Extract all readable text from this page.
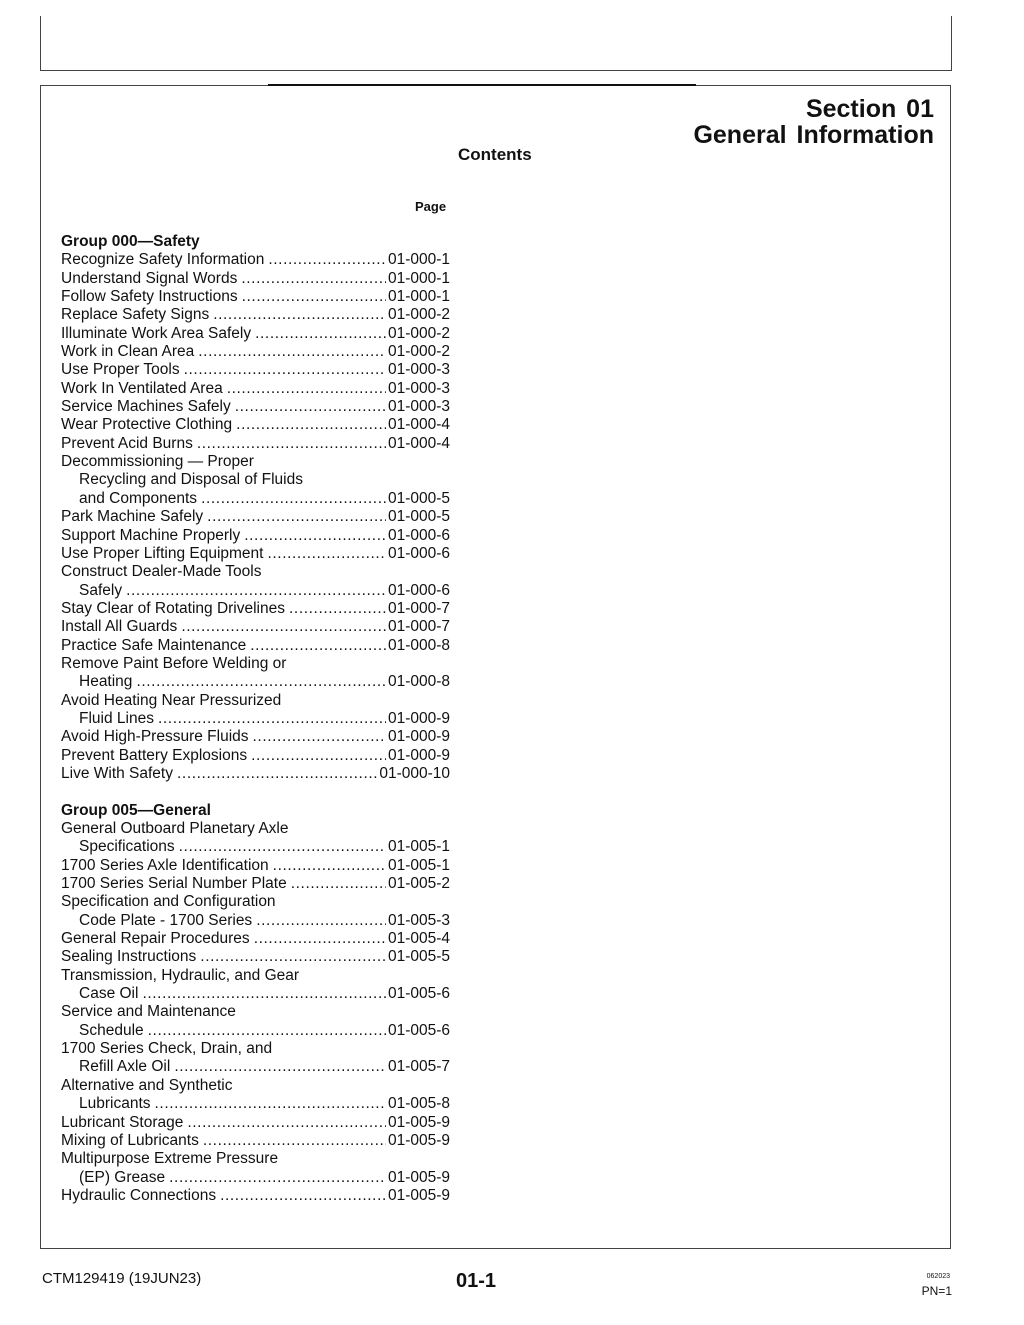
Section 01
General Information
Contents
Page
Group 000—Safety
Recognize Safety Information .....	01-000-1
Understand Signal Words .....	01-000-1
Follow Safety Instructions .....	01-000-1
Replace Safety Signs .....	01-000-2
Illuminate Work Area Safely .....	01-000-2
Work in Clean Area .....	01-000-2
Use Proper Tools .....	01-000-3
Work In Ventilated Area .....	01-000-3
Service Machines Safely .....	01-000-3
Wear Protective Clothing .....	01-000-4
Prevent Acid Burns .....	01-000-4
Decommissioning — Proper
Recycling and Disposal of Fluids
and Components .....	01-000-5
Park Machine Safely .....	01-000-5
Support Machine Properly .....	01-000-6
Use Proper Lifting Equipment .....	01-000-6
Construct Dealer-Made Tools
Safely .....	01-000-6
Stay Clear of Rotating Drivelines .....	01-000-7
Install All Guards .....	01-000-7
Practice Safe Maintenance .....	01-000-8
Remove Paint Before Welding or
Heating .....	01-000-8
Avoid Heating Near Pressurized
Fluid Lines .....	01-000-9
Avoid High-Pressure Fluids .....	01-000-9
Prevent Battery Explosions .....	01-000-9
Live With Safety .....	01-000-10
Group 005—General
General Outboard Planetary Axle
Specifications .....	01-005-1
1700 Series Axle Identification .....	01-005-1
1700 Series Serial Number Plate .....	01-005-2
Specification and Configuration
Code Plate - 1700 Series .....	01-005-3
General Repair Procedures .....	01-005-4
Sealing Instructions .....	01-005-5
Transmission, Hydraulic, and Gear
Case Oil .....	01-005-6
Service and Maintenance
Schedule .....	01-005-6
1700 Series Check, Drain, and
Refill Axle Oil .....	01-005-7
Alternative and Synthetic
Lubricants .....	01-005-8
Lubricant Storage .....	01-005-9
Mixing of Lubricants .....	01-005-9
Multipurpose Extreme Pressure
(EP) Grease .....	01-005-9
Hydraulic Connections .....	01-005-9
CTM129419 (19JUN23)	01-1	062023
PN=1
